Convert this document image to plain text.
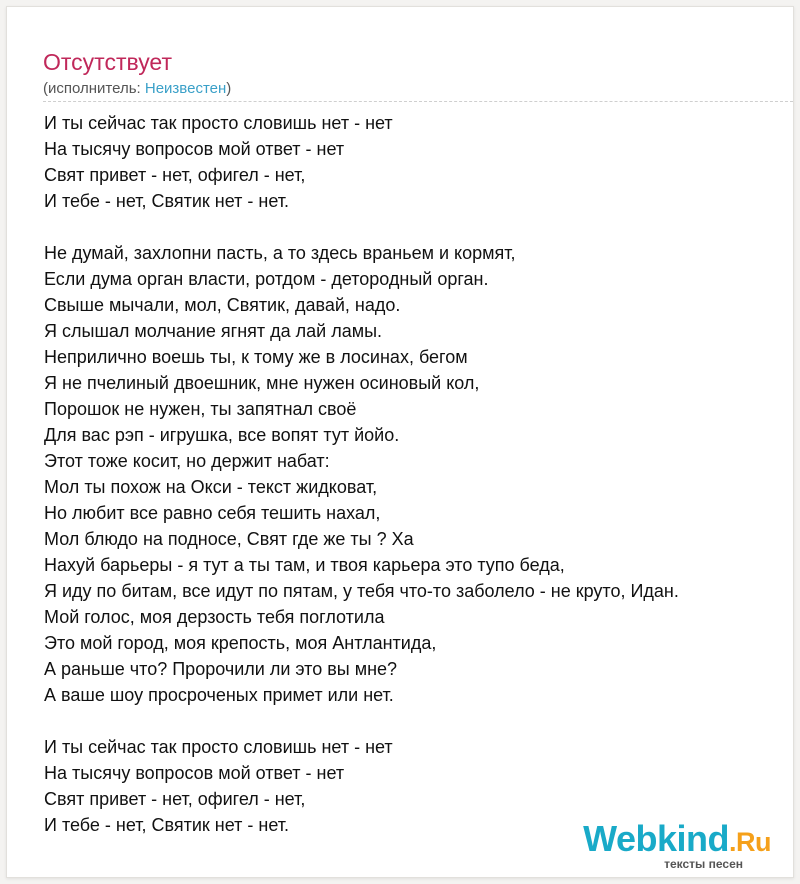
Отсутствует
(исполнитель: Неизвестен)
И ты сейчас так просто словишь нет - нет
На тысячу вопросов мой ответ - нет
Свят привет - нет, офигел - нет,
И тебе - нет, Святик нет - нет.
Не думай, захлопни пасть, а то здесь враньем и кормят,
Если дума орган власти, ротдом - детородный орган.
Свыше мычали, мол, Святик, давай, надо.
Я слышал молчание ягнят да лай ламы.
Неприлично воешь ты, к тому же в лосинах, бегом
Я не пчелиный двоешник, мне нужен осиновый кол,
Порошок не нужен, ты запятнал своё
Для вас рэп - игрушка, все вопят тут йойо.
Этот тоже косит, но держит набат:
Мол ты похож на Окси - текст жидковат,
Но любит все равно себя тешить нахал,
Мол блюдо на подносе, Свят где же ты ? Ха
Нахуй барьеры - я тут а ты там, и твоя карьера это тупо беда,
Я иду по битам, все идут по пятам, у тебя что-то заболело - не круто, Идан.
Мой голос, моя дерзость тебя поглотила
Это мой город, моя крепость, моя Антлантида,
А раньше что? Пророчили ли это вы мне?
А ваше шоу просроченых примет или нет.
И ты сейчас так просто словишь нет - нет
На тысячу вопросов мой ответ - нет
Свят привет - нет, офигел - нет,
И тебе - нет, Святик нет - нет.	Webkind.Ru
тексты песен
